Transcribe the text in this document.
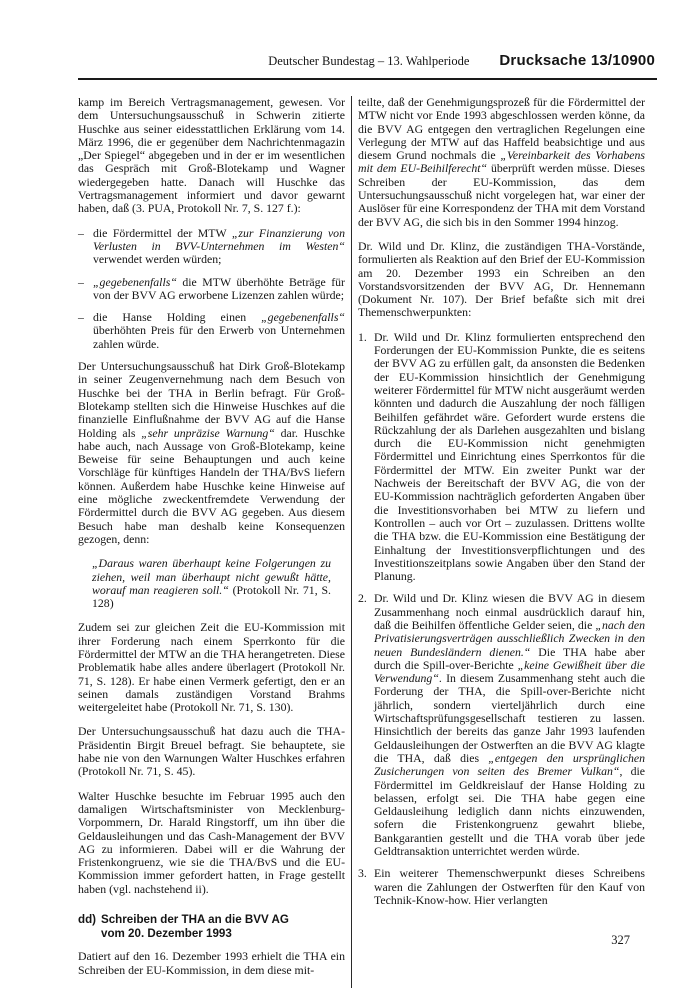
Deutscher Bundestag – 13. Wahlperiode Drucksache 13/10900

kamp im Bereich Vertragsmanagement, gewesen. Vor dem Untersuchungsausschuß in Schwerin zitierte Huschke aus seiner eidesstattlichen Erklärung vom 14. März 1996, die er gegenüber dem Nachrichtenmagazin „Der Spiegel“ abgegeben und in der er im wesentlichen das Gespräch mit Groß-Blotekamp und Wagner wiedergegeben hatte. Danach will Huschke das Vertragsmanagement informiert und davor gewarnt haben, daß (3. PUA, Protokoll Nr. 7, S. 127 f.):

– die Fördermittel der MTW „zur Finanzierung von Verlusten in BVV-Unternehmen im Westen“ verwendet werden würden;
– „gegebenenfalls“ die MTW überhöhte Beträge für von der BVV AG erworbene Lizenzen zahlen würde;
– die Hanse Holding einen „gegebenenfalls“ überhöhten Preis für den Erwerb von Unternehmen zahlen würde.

Der Untersuchungsausschuß hat Dirk Groß-Blotekamp in seiner Zeugenvernehmung nach dem Besuch von Huschke bei der THA in Berlin befragt. Für Groß-Blotekamp stellten sich die Hinweise Huschkes auf die finanzielle Einflußnahme der BVV AG auf die Hanse Holding als „sehr unpräzise Warnung“ dar. Huschke habe auch, nach Aussage von Groß-Blotekamp, keine Beweise für seine Behauptungen und auch keine Vorschläge für künftiges Handeln der THA/BvS liefern können. Außerdem habe Huschke keine Hinweise auf eine mögliche zweckentfremdete Verwendung der Fördermittel durch die BVV AG gegeben. Aus diesem Besuch habe man deshalb keine Konsequenzen gezogen, denn:

„Daraus waren überhaupt keine Folgerungen zu ziehen, weil man überhaupt nicht gewußt hätte, worauf man reagieren soll.“ (Protokoll Nr. 71, S. 128)

Zudem sei zur gleichen Zeit die EU-Kommission mit ihrer Forderung nach einem Sperrkonto für die Fördermittel der MTW an die THA herangetreten. Diese Problematik habe alles andere überlagert (Protokoll Nr. 71, S. 128). Er habe einen Vermerk gefertigt, den er an seinen damals zuständigen Vorstand Brahms weitergeleitet habe (Protokoll Nr. 71, S. 130).

Der Untersuchungsausschuß hat dazu auch die THA-Präsidentin Birgit Breuel befragt. Sie behauptete, sie habe nie von den Warnungen Walter Huschkes erfahren (Protokoll Nr. 71, S. 45).

Walter Huschke besuchte im Februar 1995 auch den damaligen Wirtschaftsminister von Mecklenburg-Vorpommern, Dr. Harald Ringstorff, um ihn über die Geldausleihungen und das Cash-Management der BVV AG zu informieren. Dabei will er die Wahrung der Fristenkongruenz, wie sie die THA/BvS und die EU-Kommission immer gefordert hatten, in Frage gestellt haben (vgl. nachstehend ii).

dd) Schreiben der THA an die BVV AG
vom 20. Dezember 1993

Datiert auf den 16. Dezember 1993 erhielt die THA ein Schreiben der EU-Kommission, in dem diese mit-

teilte, daß der Genehmigungsprozeß für die Fördermittel der MTW nicht vor Ende 1993 abgeschlossen werden könne, da die BVV AG entgegen den vertraglichen Regelungen eine Verlegung der MTW auf das Haffeld beabsichtige und aus diesem Grund nochmals die „Vereinbarkeit des Vorhabens mit dem EU-Beihilferecht“ überprüft werden müsse. Dieses Schreiben der EU-Kommission, das dem Untersuchungsausschuß nicht vorgelegen hat, war einer der Auslöser für eine Korrespondenz der THA mit dem Vorstand der BVV AG, die sich bis in den Sommer 1994 hinzog.

Dr. Wild und Dr. Klinz, die zuständigen THA-Vorstände, formulierten als Reaktion auf den Brief der EU-Kommission am 20. Dezember 1993 ein Schreiben an den Vorstandsvorsitzenden der BVV AG, Dr. Hennemann (Dokument Nr. 107). Der Brief befaßte sich mit drei Themenschwerpunkten:

1. Dr. Wild und Dr. Klinz formulierten entsprechend den Forderungen der EU-Kommission Punkte, die es seitens der BVV AG zu erfüllen galt, da ansonsten die Bedenken der EU-Kommission hinsichtlich der Genehmigung weiterer Fördermittel für MTW nicht ausgeräumt werden könnten und dadurch die Auszahlung der noch fälligen Beihilfen gefährdet wäre. Gefordert wurde erstens die Rückzahlung der als Darlehen ausgezahlten und bislang durch die EU-Kommission nicht genehmigten Fördermittel und Einrichtung eines Sperrkontos für die Fördermittel der MTW. Ein zweiter Punkt war der Nachweis der Bereitschaft der BVV AG, die von der EU-Kommission nachträglich geforderten Angaben über die Investitionsvorhaben bei MTW zu liefern und Kontrollen – auch vor Ort – zuzulassen. Drittens wollte die THA bzw. die EU-Kommission eine Bestätigung der Einhaltung der Investitionsverpflichtungen und des Investitionszeitplans sowie Angaben über den Stand der Planung.
2. Dr. Wild und Dr. Klinz wiesen die BVV AG in diesem Zusammenhang noch einmal ausdrücklich darauf hin, daß die Beihilfen öffentliche Gelder seien, die „nach den Privatisierungsverträgen ausschließlich Zwecken in den neuen Bundesländern dienen.“ Die THA habe aber durch die Spill-over-Berichte „keine Gewißheit über die Verwendung“. In diesem Zusammenhang steht auch die Forderung der THA, die Spill-over-Berichte nicht jährlich, sondern vierteljährlich durch eine Wirtschaftsprüfungsgesellschaft testieren zu lassen. Hinsichtlich der bereits das ganze Jahr 1993 laufenden Geldausleihungen der Ostwerften an die BVV AG klagte die THA, daß dies „entgegen den ursprünglichen Zusicherungen von seiten des Bremer Vulkan“, die Fördermittel im Geldkreislauf der Hanse Holding zu belassen, erfolgt sei. Die THA habe gegen eine Geldausleihung lediglich dann nichts einzuwenden, sofern die Fristenkongruenz gewahrt bliebe, Bankgarantien gestellt und die THA vorab über jede Geldtransaktion unterrichtet werden würde.
3. Ein weiterer Themenschwerpunkt dieses Schreibens waren die Zahlungen der Ostwerften für den Kauf von Technik-Know-how. Hier verlangten
327
